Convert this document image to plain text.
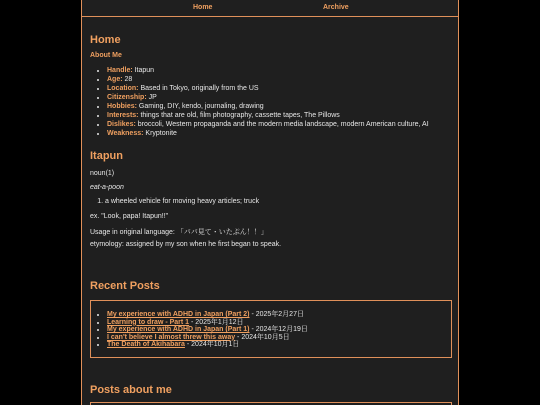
Home	Archive
Home
About Me
• Handle: Itapun
• Age: 28
• Location: Based in Tokyo, originally from the US
• Citizenship: JP
• Hobbies: Gaming, DIY, kendo, journaling, drawing
• Interests: things that are old, film photography, cassette tapes, The Pillows
• Dislikes: broccoli, Western propaganda and the modern media landscape, modern American culture, AI
• Weakness: Kryptonite
Itapun

noun(1)

eat-a-poon

1. a wheeled vehicle for moving heavy articles; truck

ex. "Look, papa! Itapun!!"

Usage in original language: 「パパ見て・いたぷん！！」

etymology: assigned by my son when he first began to speak.

Recent Posts
• My experience with ADHD in Japan (Part 2) - 2025年2月27日
• Learning to draw - Part 1 - 2025年1月12日
• My experience with ADHD in Japan (Part 1) - 2024年12月19日
• I can't believe I almost threw this away - 2024年10月5日
• The Death of Akihabara - 2024年10月1日
Posts about me
